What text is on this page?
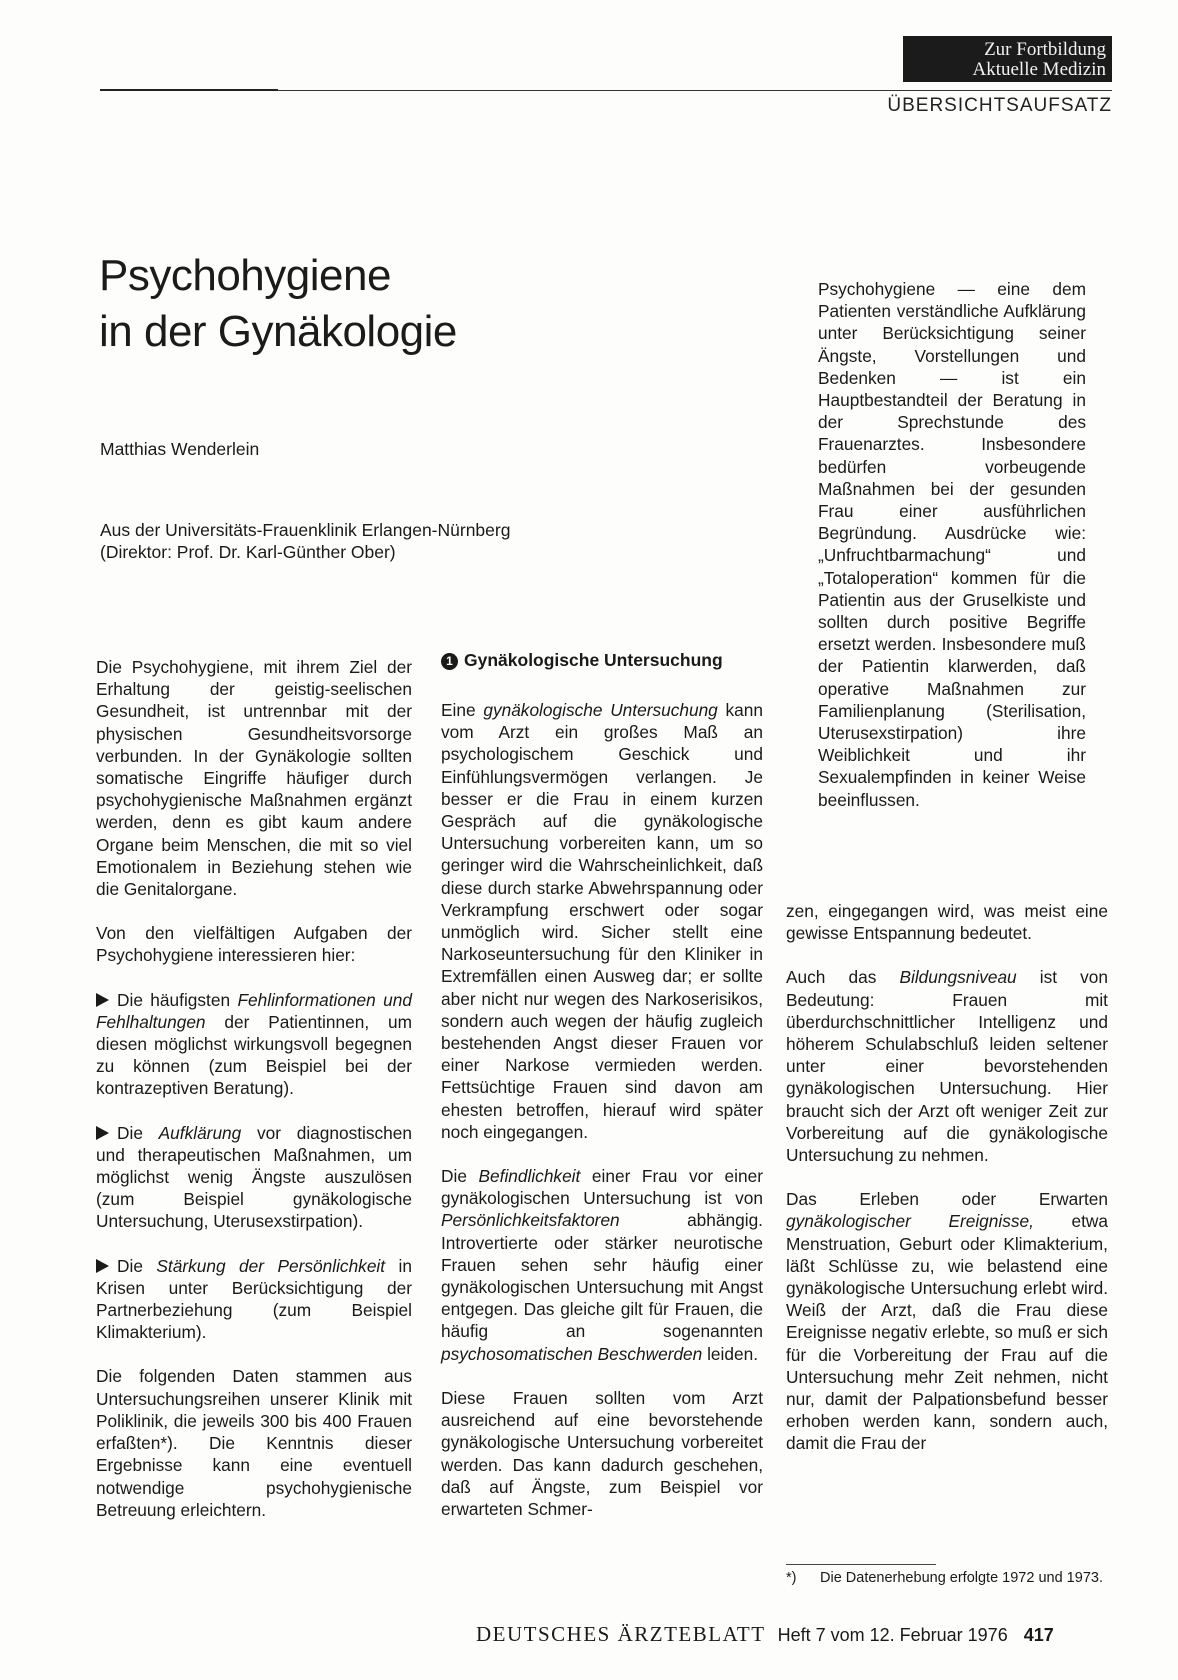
Zur Fortbildung
Aktuelle Medizin
ÜBERSICHTSAUFSATZ
Psychohygiene
in der Gynäkologie
Matthias Wenderlein
Aus der Universitäts-Frauenklinik Erlangen-Nürnberg
(Direktor: Prof. Dr. Karl-Günther Ober)

Die Psychohygiene, mit ihrem Ziel der Erhaltung der geistig-seelischen Gesundheit, ist untrennbar mit der physischen Gesundheitsvorsorge verbunden. In der Gynäkologie sollten somatische Eingriffe häufiger durch psychohygienische Maßnahmen ergänzt werden, denn es gibt kaum andere Organe beim Menschen, die mit so viel Emotionalem in Beziehung stehen wie die Genitalorgane.

Von den vielfältigen Aufgaben der Psychohygiene interessieren hier:

Die häufigsten Fehlinformationen und Fehlhaltungen der Patientinnen, um diesen möglichst wirkungsvoll begegnen zu können (zum Beispiel bei der kontrazeptiven Beratung).

Die Aufklärung vor diagnostischen und therapeutischen Maßnahmen, um möglichst wenig Ängste auszulösen (zum Beispiel gynäkologische Untersuchung, Uterusexstirpation).

Die Stärkung der Persönlichkeit in Krisen unter Berücksichtigung der Partnerbeziehung (zum Beispiel Klimakterium).

Die folgenden Daten stammen aus Untersuchungsreihen unserer Klinik mit Poliklinik, die jeweils 300 bis 400 Frauen erfaßten*). Die Kenntnis dieser Ergebnisse kann eine eventuell notwendige psychohygienische Betreuung erleichtern.

1 Gynäkologische Untersuchung

Eine gynäkologische Untersuchung kann vom Arzt ein großes Maß an psychologischem Geschick und Einfühlungsvermögen verlangen. Je besser er die Frau in einem kurzen Gespräch auf die gynäkologische Untersuchung vorbereiten kann, um so geringer wird die Wahrscheinlichkeit, daß diese durch starke Abwehrspannung oder Verkrampfung erschwert oder sogar unmöglich wird. Sicher stellt eine Narkoseuntersuchung für den Kliniker in Extremfällen einen Ausweg dar; er sollte aber nicht nur wegen des Narkoserisikos, sondern auch wegen der häufig zugleich bestehenden Angst dieser Frauen vor einer Narkose vermieden werden. Fettsüchtige Frauen sind davon am ehesten betroffen, hierauf wird später noch eingegangen.

Die Befindlichkeit einer Frau vor einer gynäkologischen Untersuchung ist von Persönlichkeitsfaktoren abhängig. Introvertierte oder stärker neurotische Frauen sehen sehr häufig einer gynäkologischen Untersuchung mit Angst entgegen. Das gleiche gilt für Frauen, die häufig an sogenannten psychosomatischen Beschwerden leiden.

Diese Frauen sollten vom Arzt ausreichend auf eine bevorstehende gynäkologische Untersuchung vorbereitet werden. Das kann dadurch geschehen, daß auf Ängste, zum Beispiel vor erwarteten Schmer-

Psychohygiene — eine dem Patienten verständliche Aufklärung unter Berücksichtigung seiner Ängste, Vorstellungen und Bedenken — ist ein Hauptbestandteil der Beratung in der Sprechstunde des Frauenarztes. Insbesondere bedürfen vorbeugende Maßnahmen bei der gesunden Frau einer ausführlichen Begründung. Ausdrücke wie: „Unfruchtbarmachung“ und „Totaloperation“ kommen für die Patientin aus der Gruselkiste und sollten durch positive Begriffe ersetzt werden. Insbesondere muß der Patientin klarwerden, daß operative Maßnahmen zur Familienplanung (Sterilisation, Uterusexstirpation) ihre Weiblichkeit und ihr Sexualempfinden in keiner Weise beeinflussen.

zen, eingegangen wird, was meist eine gewisse Entspannung bedeutet.

Auch das Bildungsniveau ist von Bedeutung: Frauen mit überdurchschnittlicher Intelligenz und höherem Schulabschluß leiden seltener unter einer bevorstehenden gynäkologischen Untersuchung. Hier braucht sich der Arzt oft weniger Zeit zur Vorbereitung auf die gynäkologische Untersuchung zu nehmen.

Das Erleben oder Erwarten gynäkologischer Ereignisse, etwa Menstruation, Geburt oder Klimakterium, läßt Schlüsse zu, wie belastend eine gynäkologische Untersuchung erlebt wird. Weiß der Arzt, daß die Frau diese Ereignisse negativ erlebte, so muß er sich für die Vorbereitung der Frau auf die Untersuchung mehr Zeit nehmen, nicht nur, damit der Palpationsbefund besser erhoben werden kann, sondern auch, damit die Frau der

*) Die Datenerhebung erfolgte 1972 und 1973.
DEUTSCHES ÄRZTEBLATT Heft 7 vom 12. Februar 1976 417
